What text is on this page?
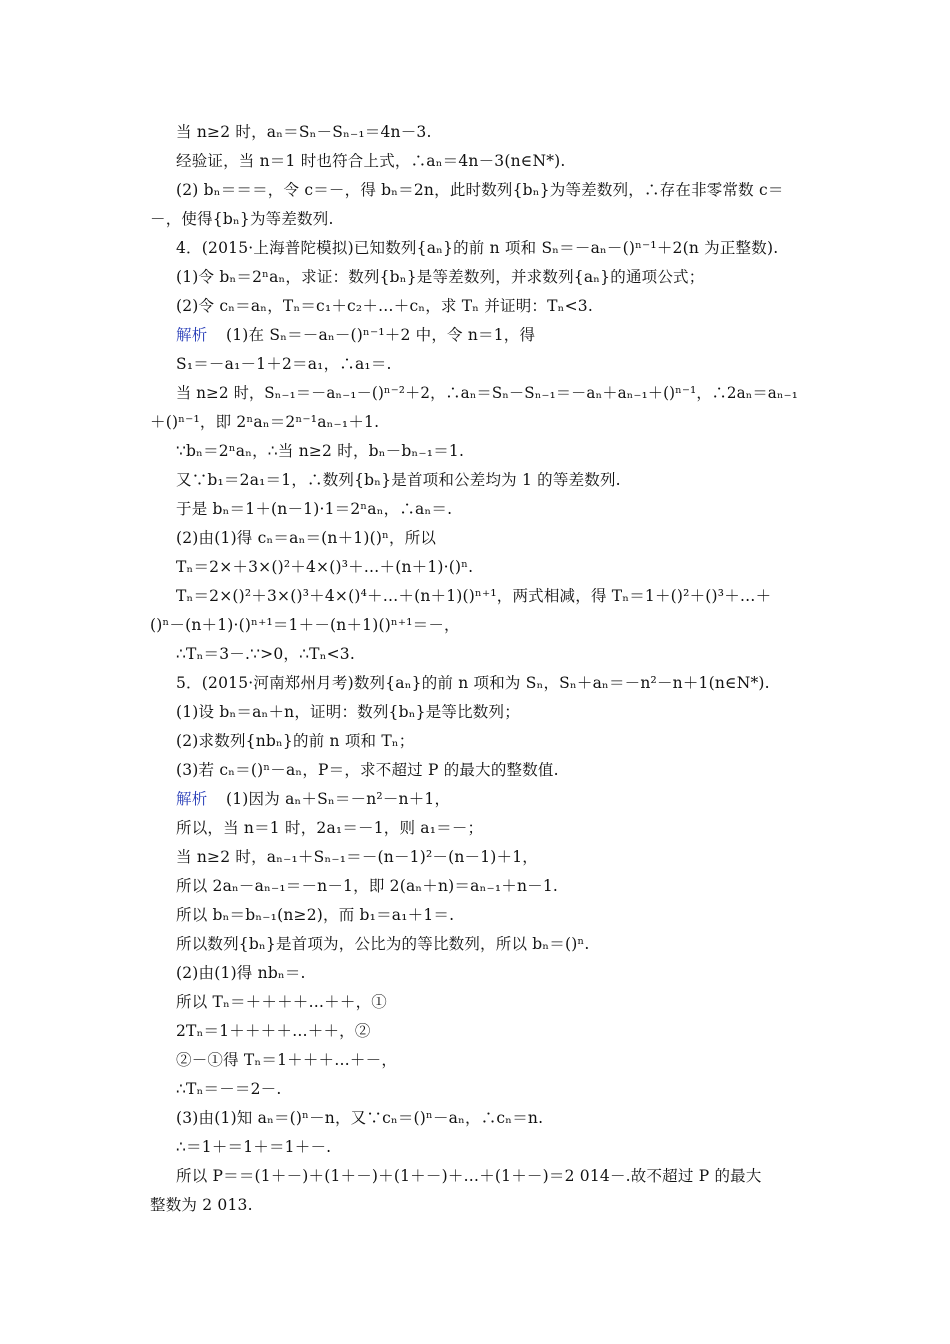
当 n≥2 时，aₙ＝Sₙ－Sₙ₋₁＝4n－3.
经验证，当 n＝1 时也符合上式，∴aₙ＝4n－3(n∈N*).
(2) bₙ＝＝＝，令 c＝－，得 bₙ＝2n，此时数列{bₙ}为等差数列，∴存在非零常数 c＝
－，使得{bₙ}为等差数列.
4．(2015·上海普陀模拟)已知数列{aₙ}的前 n 项和 Sₙ＝－aₙ－()ⁿ⁻¹＋2(n 为正整数).
(1)令 bₙ＝2ⁿaₙ，求证：数列{bₙ}是等差数列，并求数列{aₙ}的通项公式；
(2)令 cₙ＝aₙ，Tₙ＝c₁＋c₂＋…＋cₙ，求 Tₙ 并证明：Tₙ<3.

解析

(1)在 Sₙ＝－aₙ－()ⁿ⁻¹＋2 中，令 n＝1，得

S₁＝－a₁－1＋2＝a₁，∴a₁＝.
当 n≥2 时，Sₙ₋₁＝－aₙ₋₁－()ⁿ⁻²＋2，∴aₙ＝Sₙ－Sₙ₋₁＝－aₙ＋aₙ₋₁＋()ⁿ⁻¹，∴2aₙ＝aₙ₋₁
＋()ⁿ⁻¹，即 2ⁿaₙ＝2ⁿ⁻¹aₙ₋₁＋1.
∵bₙ＝2ⁿaₙ，∴当 n≥2 时，bₙ－bₙ₋₁＝1.
又∵b₁＝2a₁＝1，∴数列{bₙ}是首项和公差均为 1 的等差数列.
于是 bₙ＝1＋(n－1)·1＝2ⁿaₙ，∴aₙ＝.
(2)由(1)得 cₙ＝aₙ＝(n＋1)()ⁿ，所以
Tₙ＝2×＋3×()²＋4×()³＋…＋(n＋1)·()ⁿ.
Tₙ＝2×()²＋3×()³＋4×()⁴＋…＋(n＋1)()ⁿ⁺¹，两式相减，得 Tₙ＝1＋()²＋()³＋…＋
()ⁿ－(n＋1)·()ⁿ⁺¹＝1＋－(n＋1)()ⁿ⁺¹＝－，
∴Tₙ＝3－.∵>0，∴Tₙ<3.
5．(2015·河南郑州月考)数列{aₙ}的前 n 项和为 Sₙ，Sₙ＋aₙ＝－n²－n＋1(n∈N*).
(1)设 bₙ＝aₙ＋n，证明：数列{bₙ}是等比数列；
(2)求数列{nbₙ}的前 n 项和 Tₙ；
(3)若 cₙ＝()ⁿ－aₙ，P＝，求不超过 P 的最大的整数值.

解析

(1)因为 aₙ＋Sₙ＝－n²－n＋1，

所以，当 n＝1 时，2a₁＝－1，则 a₁＝－；
当 n≥2 时，aₙ₋₁＋Sₙ₋₁＝－(n－1)²－(n－1)＋1，
所以 2aₙ－aₙ₋₁＝－n－1，即 2(aₙ＋n)＝aₙ₋₁＋n－1.
所以 bₙ＝bₙ₋₁(n≥2)，而 b₁＝a₁＋1＝.
所以数列{bₙ}是首项为，公比为的等比数列，所以 bₙ＝()ⁿ.
(2)由(1)得 nbₙ＝.
所以 Tₙ＝＋＋＋＋…＋＋，①
2Tₙ＝1＋＋＋＋…＋＋，②
②－①得 Tₙ＝1＋＋＋…＋－，
∴Tₙ＝－＝2－.
(3)由(1)知 aₙ＝()ⁿ－n，又∵cₙ＝()ⁿ－aₙ，∴cₙ＝n.
∴＝1＋＝1＋＝1＋－.
所以 P＝＝(1＋－)＋(1＋－)＋(1＋－)＋…＋(1＋－)＝2 014－.故不超过 P 的最大
整数为 2 013.
